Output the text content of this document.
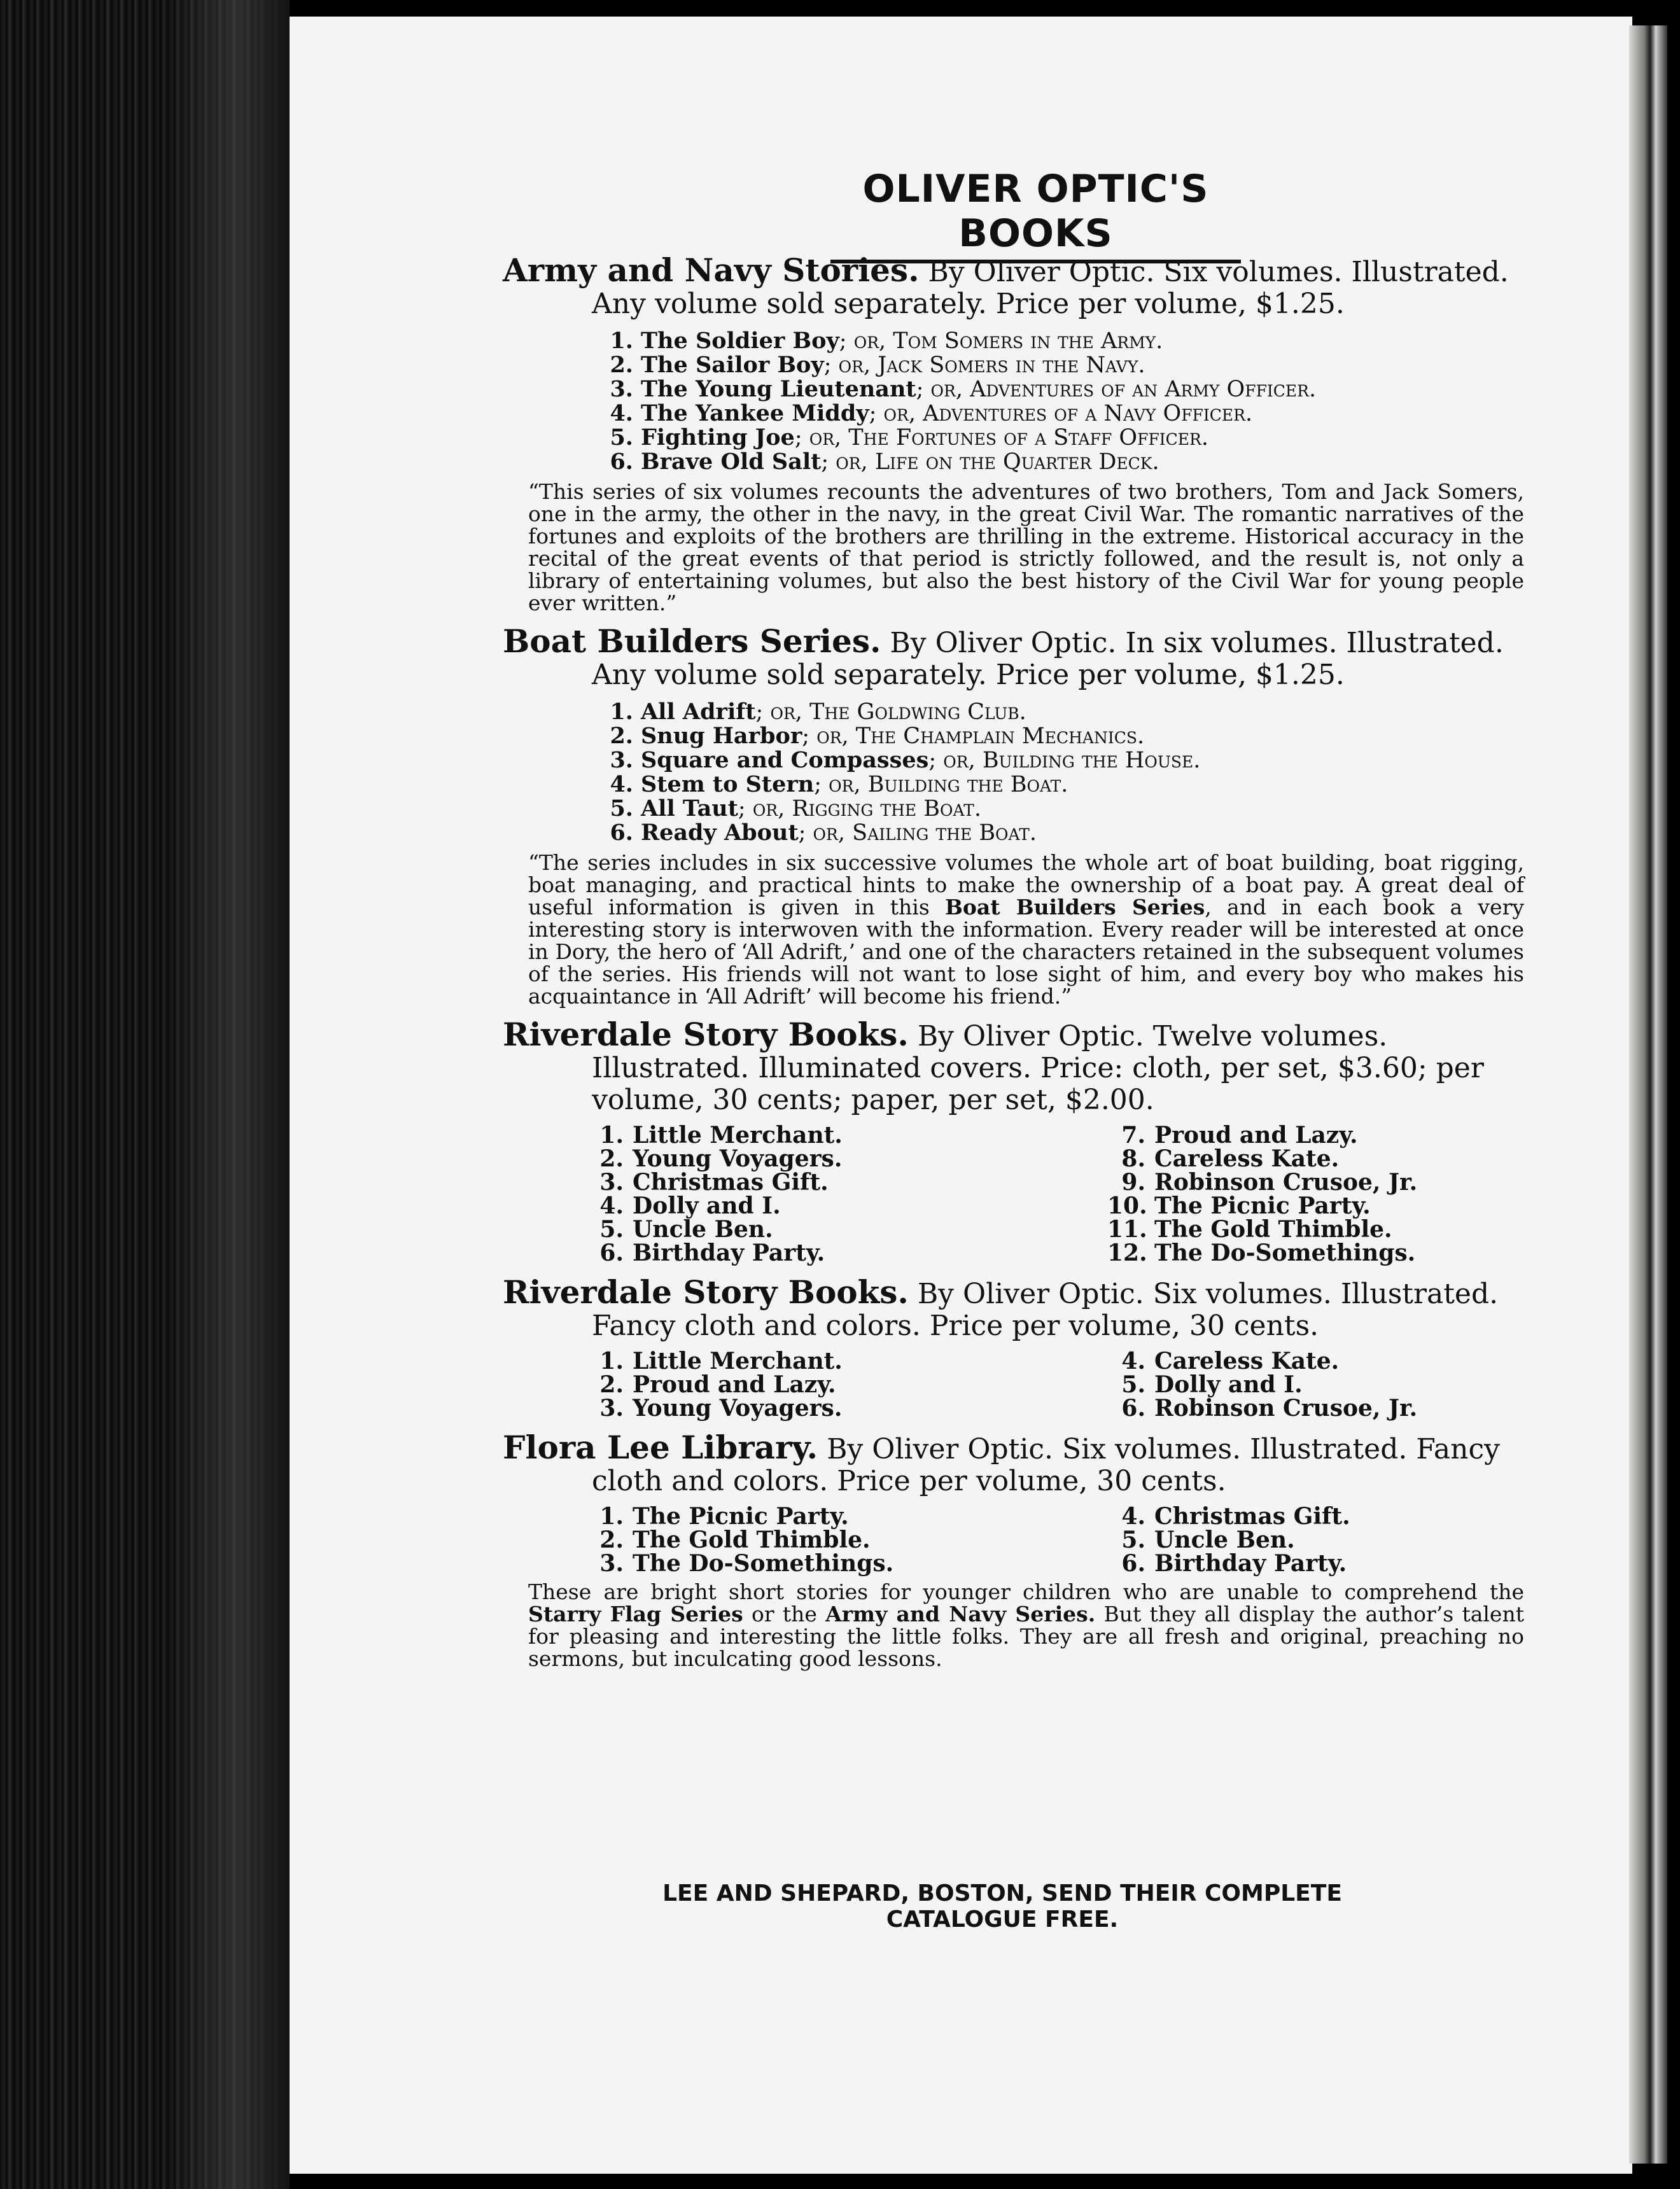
OLIVER OPTIC'S BOOKS
Army and Navy Stories. By Oliver Optic. Six volumes. Illustrated. Any volume sold separately. Price per volume, $1.25.
1. The Soldier Boy; or, Tom Somers in the Army.
2. The Sailor Boy; or, Jack Somers in the Navy.
3. The Young Lieutenant; or, Adventures of an Army Officer.
4. The Yankee Middy; or, Adventures of a Navy Officer.
5. Fighting Joe; or, The Fortunes of a Staff Officer.
6. Brave Old Salt; or, Life on the Quarter Deck.
“This series of six volumes recounts the adventures of two brothers, Tom and Jack Somers, one in the army, the other in the navy, in the great Civil War. The romantic narratives of the fortunes and exploits of the brothers are thrilling in the extreme. Historical accuracy in the recital of the great events of that period is strictly followed, and the result is, not only a library of entertaining volumes, but also the best history of the Civil War for young people ever written.”
Boat Builders Series. By Oliver Optic. In six volumes. Illustrated. Any volume sold separately. Price per volume, $1.25.
1. All Adrift; or, The Goldwing Club.
2. Snug Harbor; or, The Champlain Mechanics.
3. Square and Compasses; or, Building the House.
4. Stem to Stern; or, Building the Boat.
5. All Taut; or, Rigging the Boat.
6. Ready About; or, Sailing the Boat.
“The series includes in six successive volumes the whole art of boat building, boat rigging, boat managing, and practical hints to make the ownership of a boat pay. A great deal of useful information is given in this Boat Builders Series, and in each book a very interesting story is interwoven with the information. Every reader will be interested at once in Dory, the hero of ‘All Adrift,’ and one of the characters retained in the subsequent volumes of the series. His friends will not want to lose sight of him, and every boy who makes his acquaintance in ‘All Adrift’ will become his friend.”
Riverdale Story Books. By Oliver Optic. Twelve volumes. Illustrated. Illuminated covers. Price: cloth, per set, $3.60; per volume, 30 cents; paper, per set, $2.00.
1. Little Merchant.
2. Young Voyagers.
3. Christmas Gift.
4. Dolly and I.
5. Uncle Ben.
6. Birthday Party.
7. Proud and Lazy.
8. Careless Kate.
9. Robinson Crusoe, Jr.
10. The Picnic Party.
11. The Gold Thimble.
12. The Do-Somethings.
Riverdale Story Books. By Oliver Optic. Six volumes. Illustrated. Fancy cloth and colors. Price per volume, 30 cents.
1. Little Merchant.
2. Proud and Lazy.
3. Young Voyagers.
4. Careless Kate.
5. Dolly and I.
6. Robinson Crusoe, Jr.
Flora Lee Library. By Oliver Optic. Six volumes. Illustrated. Fancy cloth and colors. Price per volume, 30 cents.
1. The Picnic Party.
2. The Gold Thimble.
3. The Do-Somethings.
4. Christmas Gift.
5. Uncle Ben.
6. Birthday Party.
These are bright short stories for younger children who are unable to comprehend the Starry Flag Series or the Army and Navy Series. But they all display the author’s talent for pleasing and interesting the little folks. They are all fresh and original, preaching no sermons, but inculcating good lessons.
LEE AND SHEPARD, BOSTON, SEND THEIR COMPLETE CATALOGUE FREE.
